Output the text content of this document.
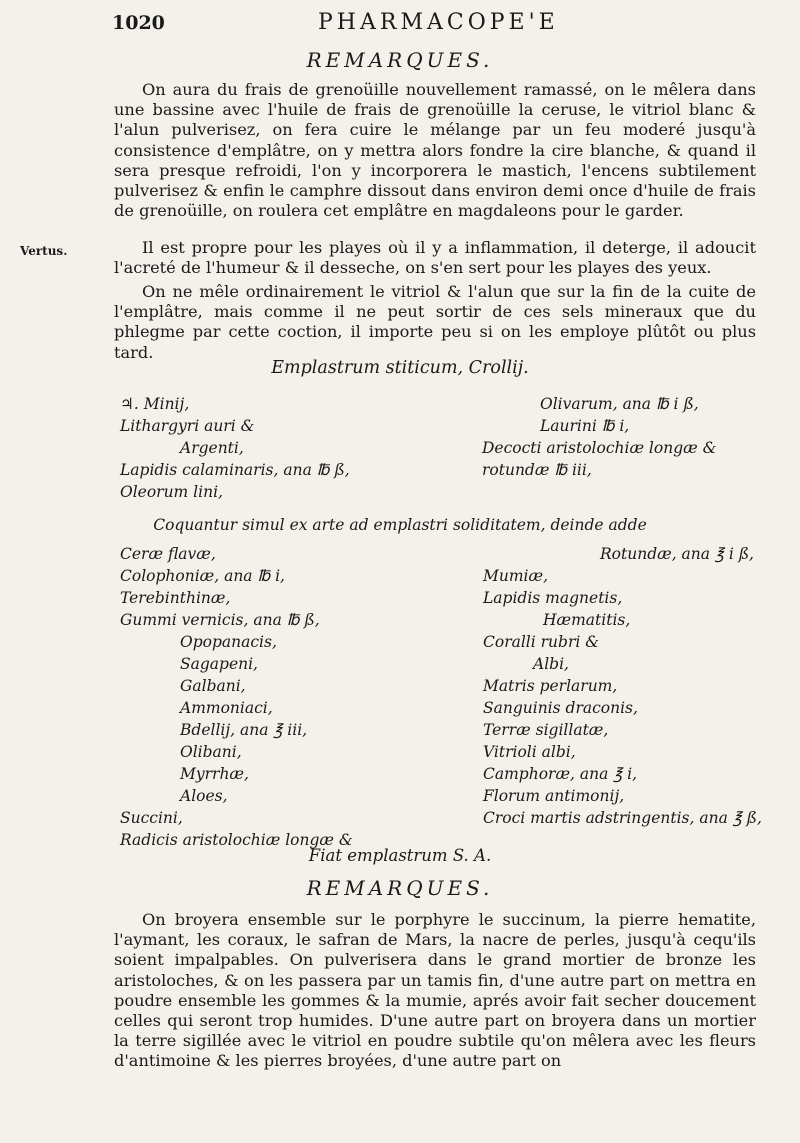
1020	PHARMACOPE'E
REMARQUES.
On aura du frais de grenoüille nouvellement ramassé, on le mêlera dans une bassine avec l'huile de frais de grenoüille la ceruse, le vitriol blanc & l'alun pulverisez, on fera cuire le mélange par un feu moderé jusqu'à consistence d'emplâtre, on y mettra alors fondre la cire blanche, & quand il sera presque refroidi, l'on y incorporera le mastich, l'encens subtilement pulverisez & enfin le camphre dissout dans environ demi once d'huile de frais de grenoüille, on roulera cet emplâtre en magdaleons pour le garder.
Vertus.	Il est propre pour les playes où il y a inflammation, il deterge, il adoucit l'acreté de l'humeur & il desseche, on s'en sert pour les playes des yeux.
On ne mêle ordinairement le vitriol & l'alun que sur la fin de la cuite de l'emplâtre, mais comme il ne peut sortir de ces sels mineraux que du phlegme par cette coction, il importe peu si on les employe plûtôt ou plus tard.
Emplastrum stiticum, Crollij.
♃. Minij,
Lithargyri auri &
Argenti,
Lapidis calaminaris, ana ℔ ß,
Oleorum lini,
Olivarum, ana ℔ i ß,
Laurini ℔ i,
Decocti aristolochiæ longæ & rotundæ ℔ iii,
Coquantur simul ex arte ad emplastri soliditatem, deinde adde
Ceræ flavæ,
Colophoniæ, ana ℔ i,
Terebinthinæ,
Gummi vernicis, ana ℔ ß,
Opopanacis,
Sagapeni,
Galbani,
Ammoniaci,
Bdellij, ana ℥ iii,
Olibani,
Myrrhæ,
Aloes,
Succini,
Radicis aristolochiæ longæ &
Rotundæ, ana ℥ i ß,
Mumiæ,
Lapidis magnetis,
Hæmatitis,
Coralli rubri &
Albi,
Matris perlarum,
Sanguinis draconis,
Terræ sigillatæ,
Vitrioli albi,
Camphoræ, ana ℥ i,
Florum antimonij,
Croci martis adstringentis, ana ℥ ß,
Fiat emplastrum S. A.
REMARQUES.
On broyera ensemble sur le porphyre le succinum, la pierre hematite, l'aymant, les coraux, le safran de Mars, la nacre de perles, jusqu'à cequ'ils soient impalpables. On pulverisera dans le grand mortier de bronze les aristoloches, & on les passera par un tamis fin, d'une autre part on mettra en poudre ensemble les gommes & la mumie, aprés avoir fait secher doucement celles qui seront trop humides. D'une autre part on broyera dans un mortier la terre sigillée avec le vitriol en poudre subtile qu'on mêlera avec les fleurs d'antimoine & les pierres broyées, d'une autre part on
